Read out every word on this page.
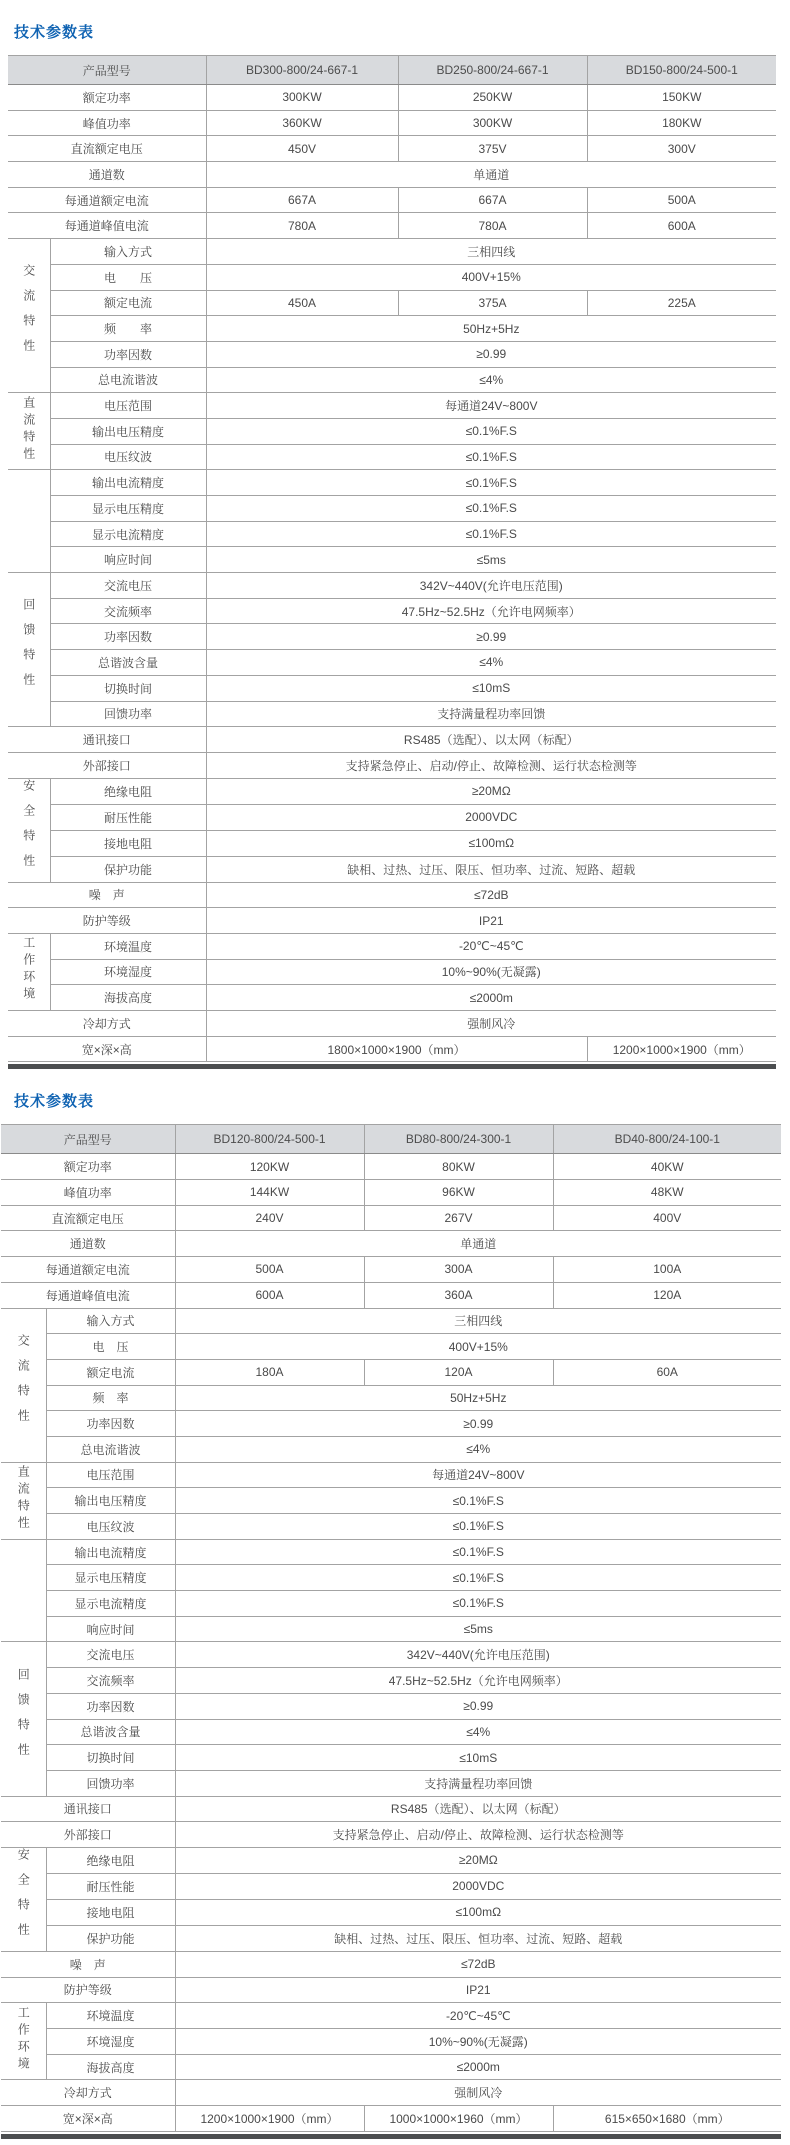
技术参数表
产品型号		BD300-800/24-667-1	BD250-800/24-667-1	BD150-800/24-500-1
额定功率		300KW	250KW	150KW
峰值功率		360KW	300KW	180KW
直流额定电压		450V	375V	300V
通道数		单通道		
每通道额定电流		667A	667A	500A
每通道峰值电流		780A	780A	600A
交流特性	输入方式	三相四线		
	电　　压	400V+15%		
	额定电流	450A	375A	225A
	频　　率	50Hz+5Hz		
	功率因数	≥0.99		
	总电流谐波	≤4%		
直流特性	电压范围	每通道24V~800V		
	输出电压精度	≤0.1%F.S		
	电压纹波	≤0.1%F.S		
	输出电流精度	≤0.1%F.S		
	显示电压精度	≤0.1%F.S		
	显示电流精度	≤0.1%F.S		
	响应时间	≤5ms		
回馈特性	交流电压	342V~440V(允许电压范围)		
	交流频率	47.5Hz~52.5Hz（允许电网频率）		
	功率因数	≥0.99		
	总谐波含量	≤4%		
	切换时间	≤10mS		
	回馈功率	支持满量程功率回馈		
通讯接口		RS485（选配）、以太网（标配）		
外部接口		支持紧急停止、启动/停止、故障检测、运行状态检测等		
安全特性	绝缘电阻	≥20MΩ		
	耐压性能	2000VDC		
	接地电阻	≤100mΩ		
	保护功能	缺相、过热、过压、限压、恒功率、过流、短路、超载		
噪　声		≤72dB		
防护等级		IP21		
工作环境	环境温度	-20℃~45℃		
	环境湿度	10%~90%(无凝露)		
	海拔高度	≤2000m		
冷却方式		强制风冷		
宽×深×高		1800×1000×1900（mm）		1200×1000×1900（mm）
技术参数表
产品型号		BD120-800/24-500-1	BD80-800/24-300-1	BD40-800/24-100-1
额定功率		120KW	80KW	40KW
峰值功率		144KW	96KW	48KW
直流额定电压		240V	267V	400V
通道数		单通道		
每通道额定电流		500A	300A	100A
每通道峰值电流		600A	360A	120A
交流特性	输入方式	三相四线		
	电　压	400V+15%		
	额定电流	180A	120A	60A
	频　率	50Hz+5Hz		
	功率因数	≥0.99		
	总电流谐波	≤4%		
直流特性	电压范围	每通道24V~800V		
	输出电压精度	≤0.1%F.S		
	电压纹波	≤0.1%F.S		
	输出电流精度	≤0.1%F.S		
	显示电压精度	≤0.1%F.S		
	显示电流精度	≤0.1%F.S		
	响应时间	≤5ms		
回馈特性	交流电压	342V~440V(允许电压范围)		
	交流频率	47.5Hz~52.5Hz（允许电网频率）		
	功率因数	≥0.99		
	总谐波含量	≤4%		
	切换时间	≤10mS		
	回馈功率	支持满量程功率回馈		
通讯接口		RS485（选配）、以太网（标配）		
外部接口		支持紧急停止、启动/停止、故障检测、运行状态检测等		
安全特性	绝缘电阻	≥20MΩ		
	耐压性能	2000VDC		
	接地电阻	≤100mΩ		
	保护功能	缺相、过热、过压、限压、恒功率、过流、短路、超载		
噪　声		≤72dB		
防护等级		IP21		
工作环境	环境温度	-20℃~45℃		
	环境湿度	10%~90%(无凝露)		
	海拔高度	≤2000m		
冷却方式		强制风冷		
宽×深×高		1200×1000×1900（mm）	1000×1000×1960（mm）	615×650×1680（mm）
